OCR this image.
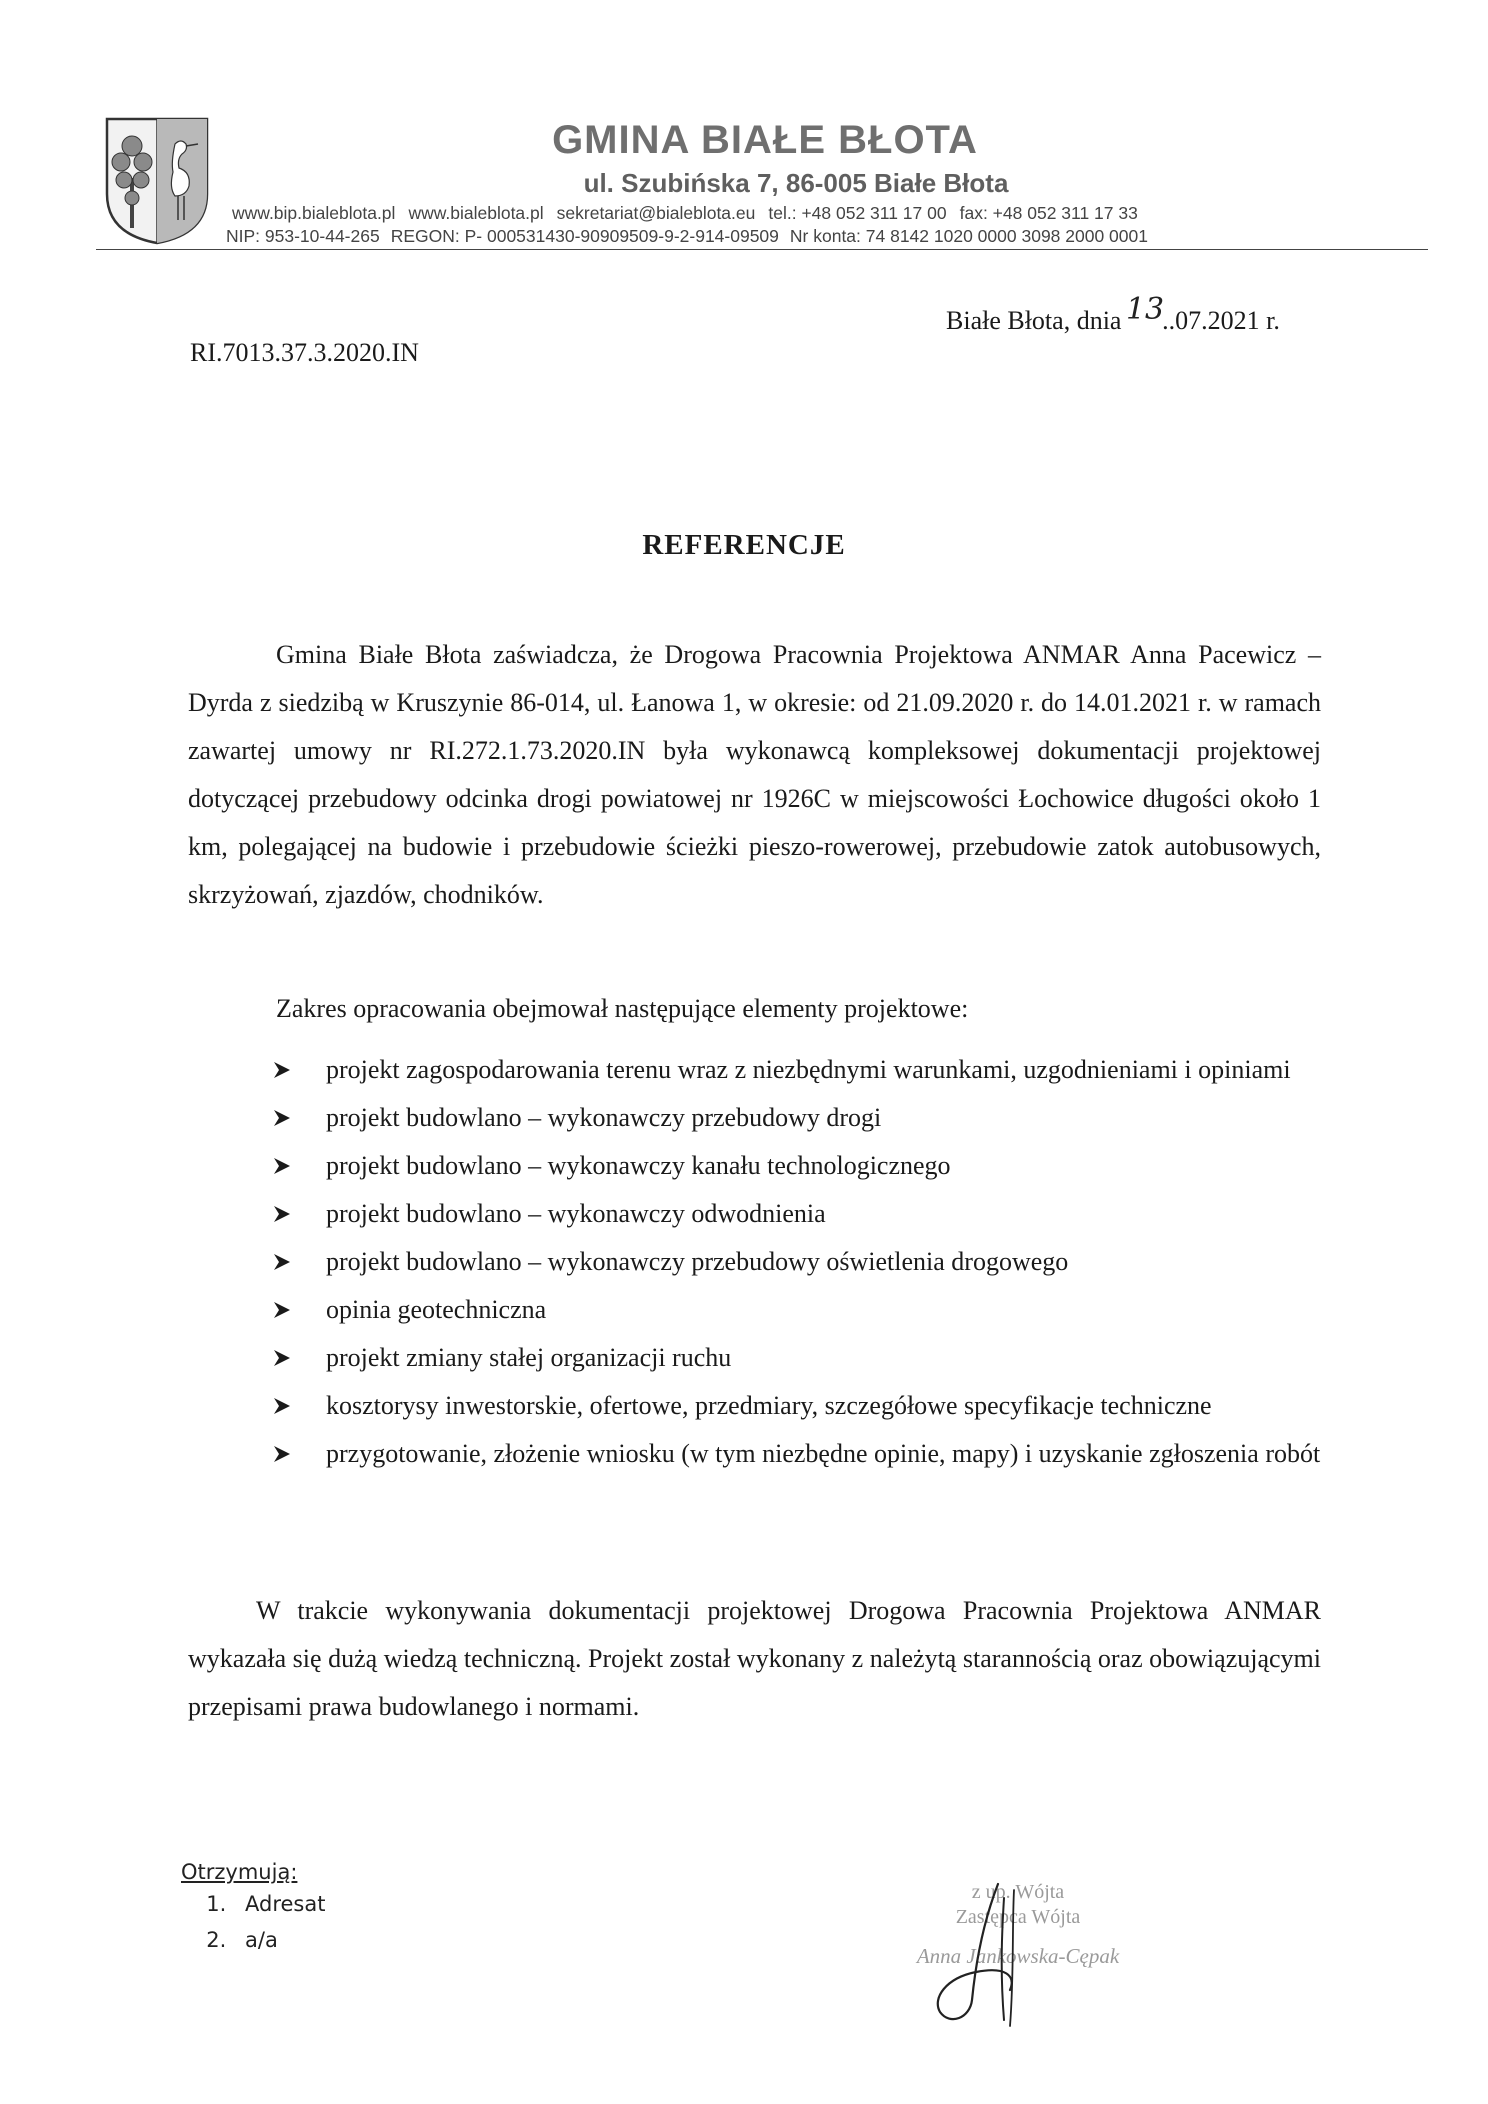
GMINA BIAŁE BŁOTA
ul. Szubińska 7, 86-005 Białe Błota
www.bip.bialeblota.pl www.bialeblota.pl sekretariat@bialeblota.eu tel.: +48 052 311 17 00 fax: +48 052 311 17 33
NIP: 953-10-44-265 REGON: P- 000531430-90909509-9-2-914-09509 Nr konta: 74 8142 1020 0000 3098 2000 0001
Białe Błota, dnia 13..07.2021 r.
RI.7013.37.3.2020.IN
REFERENCJE

Gmina Białe Błota zaświadcza, że Drogowa Pracownia Projektowa ANMAR Anna Pacewicz – Dyrda z siedzibą w Kruszynie 86-014, ul. Łanowa 1, w okresie: od 21.09.2020 r. do 14.01.2021 r. w ramach zawartej umowy nr RI.272.1.73.2020.IN była wykonawcą kompleksowej dokumentacji projektowej dotyczącej przebudowy odcinka drogi powiatowej nr 1926C w miejscowości Łochowice długości około 1 km, polegającej na budowie i przebudowie ścieżki pieszo-rowerowej, przebudowie zatok autobusowych, skrzyżowań, zjazdów, chodników.

Zakres opracowania obejmował następujące elementy projektowe:
projekt zagospodarowania terenu wraz z niezbędnymi warunkami, uzgodnieniami i opiniami
projekt budowlano – wykonawczy przebudowy drogi
projekt budowlano – wykonawczy kanału technologicznego
projekt budowlano – wykonawczy odwodnienia
projekt budowlano – wykonawczy przebudowy oświetlenia drogowego
opinia geotechniczna
projekt zmiany stałej organizacji ruchu
kosztorysy inwestorskie, ofertowe, przedmiary, szczegółowe specyfikacje techniczne
przygotowanie, złożenie wniosku (w tym niezbędne opinie, mapy) i uzyskanie zgłoszenia robót

W trakcie wykonywania dokumentacji projektowej Drogowa Pracownia Projektowa ANMAR wykazała się dużą wiedzą techniczną. Projekt został wykonany z należytą starannością oraz obowiązującymi przepisami prawa budowlanego i normami.

Otrzymują:
1. Adresat
2. a/a
z up. Wójta
Zastępca Wójta
Anna Jankowska-Cępak
